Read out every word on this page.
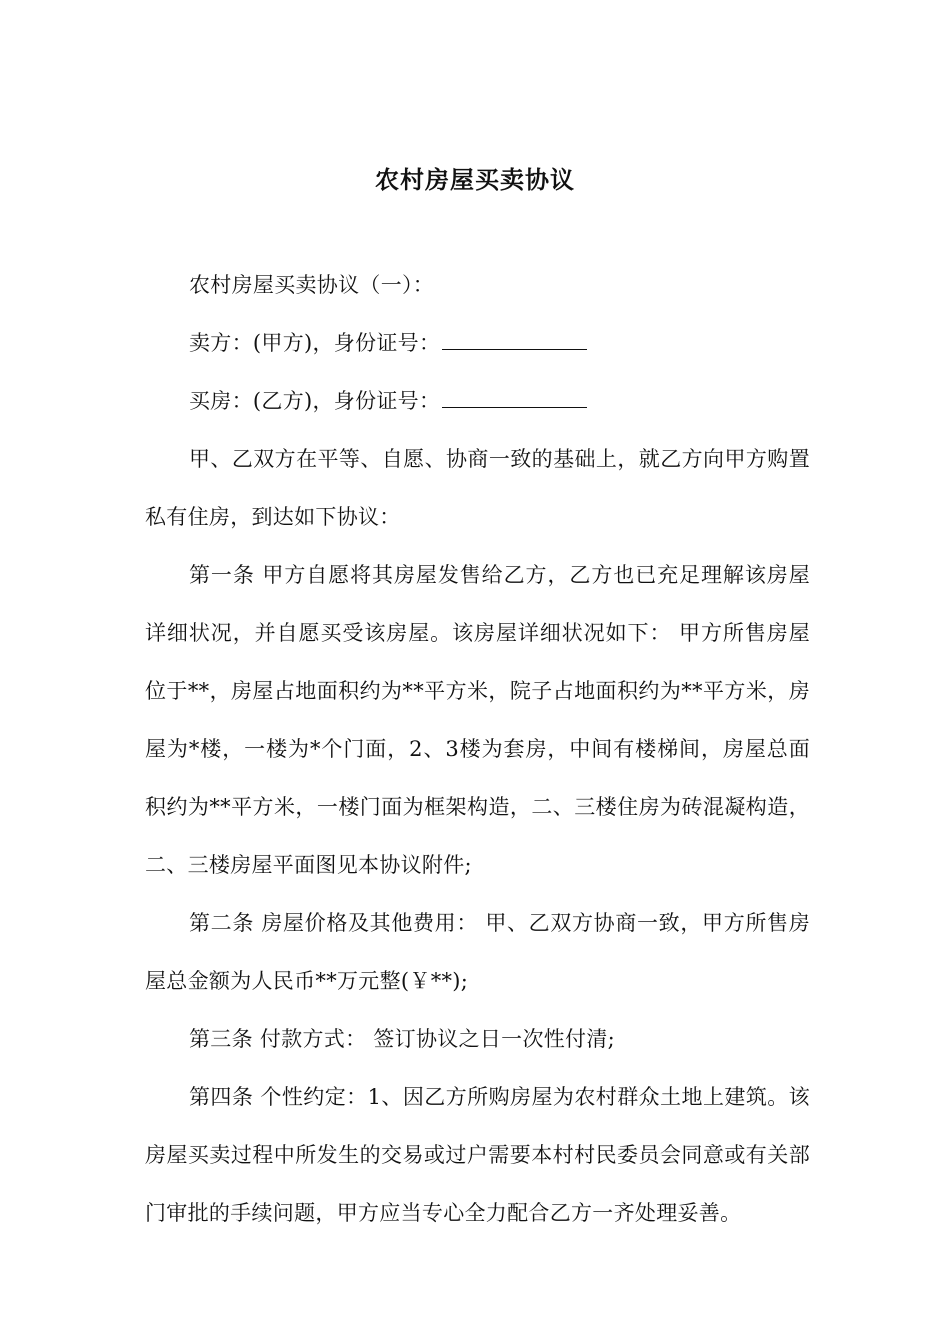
农村房屋买卖协议

农村房屋买卖协议（一）：

卖方：(甲方)，身份证号：

买房：(乙方)，身份证号：

甲、乙双方在平等、自愿、协商一致的基础上，就乙方向甲方购置私有住房，到达如下协议：

第一条 甲方自愿将其房屋发售给乙方，乙方也已充足理解该房屋详细状况，并自愿买受该房屋。该房屋详细状况如下： 甲方所售房屋位于**，房屋占地面积约为**平方米，院子占地面积约为**平方米，房屋为*楼，一楼为*个门面，2、3楼为套房，中间有楼梯间，房屋总面积约为**平方米，一楼门面为框架构造，二、三楼住房为砖混凝构造，二、三楼房屋平面图见本协议附件;

第二条 房屋价格及其他费用： 甲、乙双方协商一致，甲方所售房屋总金额为人民币**万元整(￥**);

第三条 付款方式： 签订协议之日一次性付清;

第四条 个性约定：1、因乙方所购房屋为农村群众土地上建筑。该房屋买卖过程中所发生的交易或过户需要本村村民委员会同意或有关部门审批的手续问题，甲方应当专心全力配合乙方一齐处理妥善。
